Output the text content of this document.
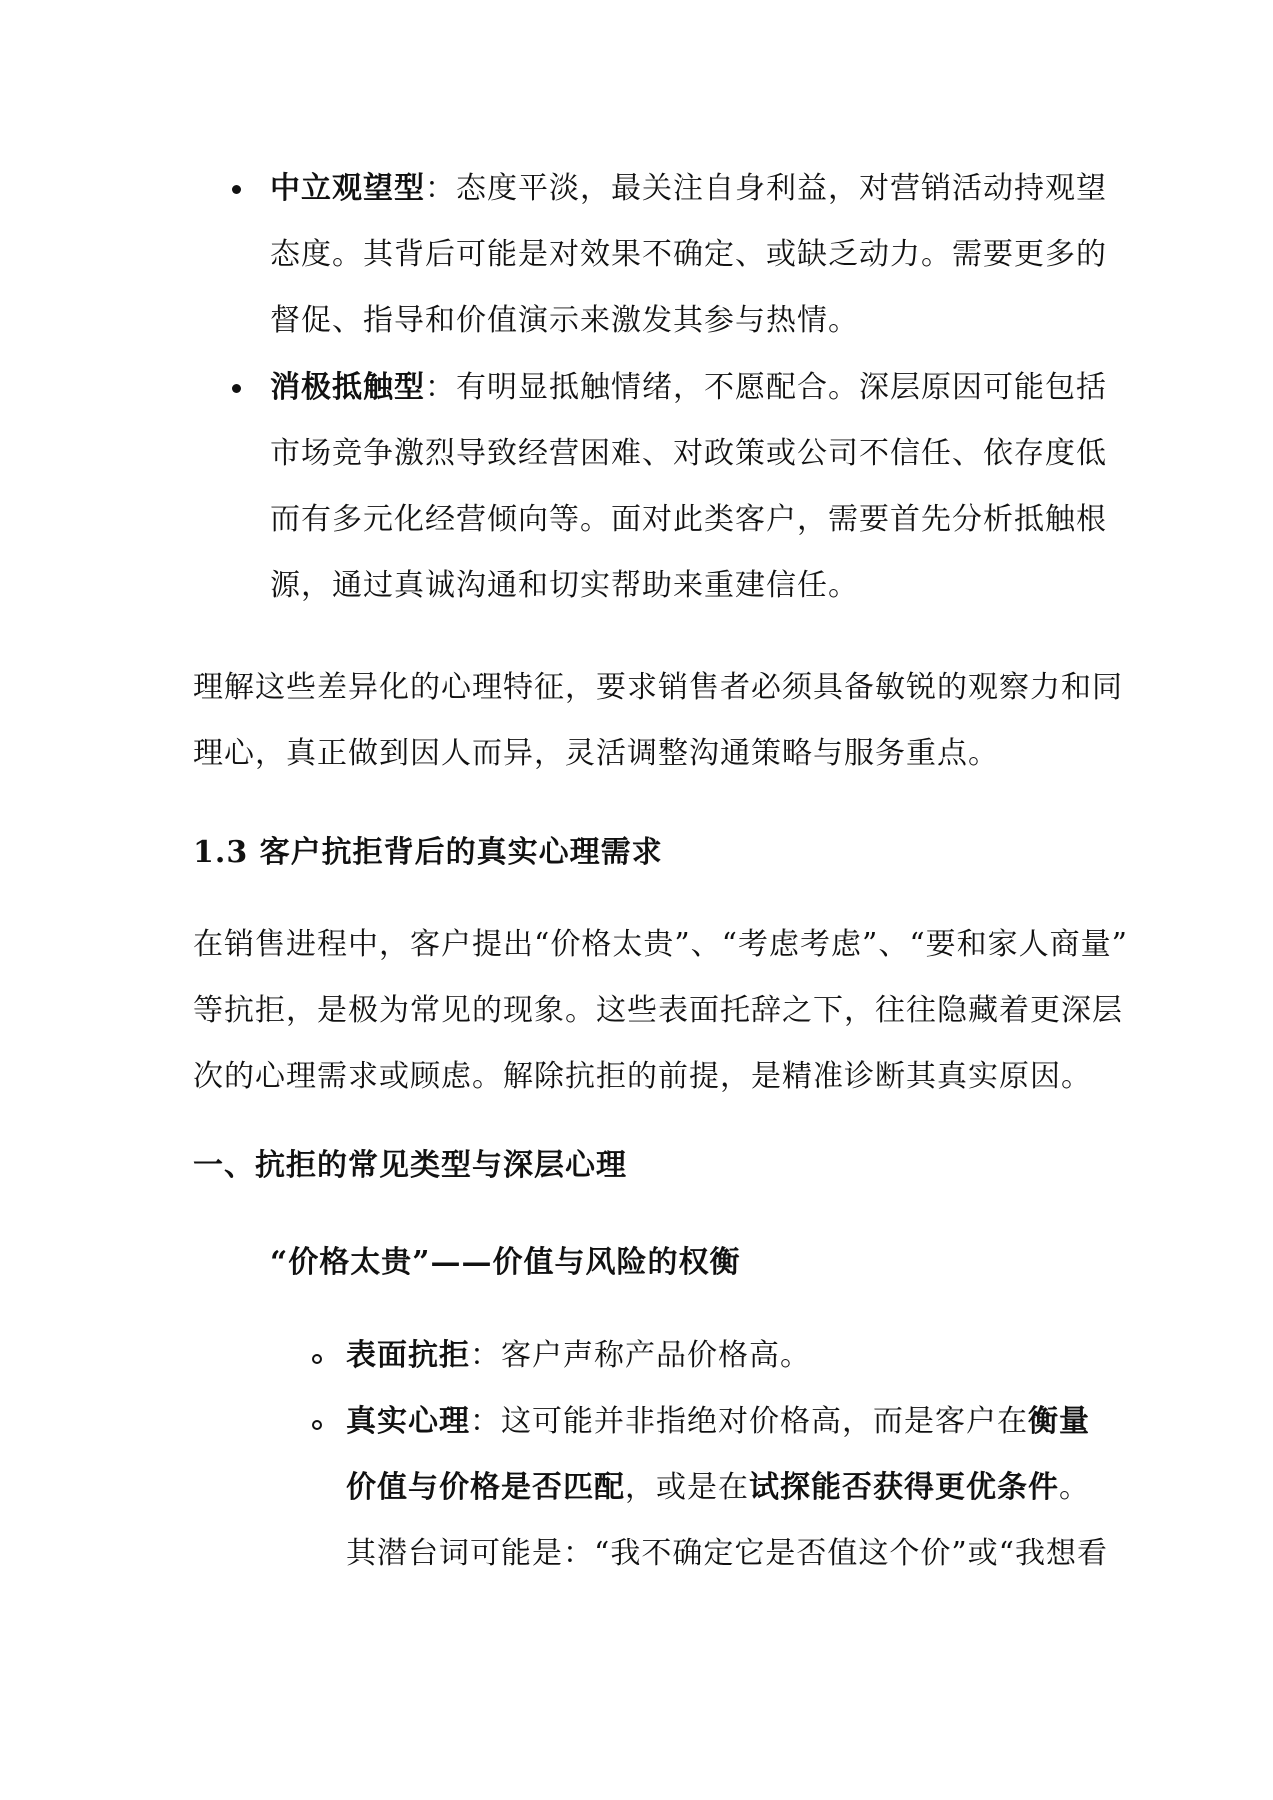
中立观望型：态度平淡，最关注自身利益，对营销活动持观望
态度。其背后可能是对效果不确定、或缺乏动力。需要更多的
督促、指导和价值演示来激发其参与热情。
消极抵触型：有明显抵触情绪，不愿配合。深层原因可能包括
市场竞争激烈导致经营困难、对政策或公司不信任、依存度低
而有多元化经营倾向等。面对此类客户，需要首先分析抵触根
源，通过真诚沟通和切实帮助来重建信任。
理解这些差异化的心理特征，要求销售者必须具备敏锐的观察力和同
理心，真正做到因人而异，灵活调整沟通策略与服务重点。
1.3 客户抗拒背后的真实心理需求
在销售进程中，客户提出“价格太贵”、“考虑考虑”、“要和家人商量”
等抗拒，是极为常见的现象。这些表面托辞之下，往往隐藏着更深层
次的心理需求或顾虑。解除抗拒的前提，是精准诊断其真实原因。
一、抗拒的常见类型与深层心理
“价格太贵”——价值与风险的权衡
表面抗拒：客户声称产品价格高。
真实心理：这可能并非指绝对价格高，而是客户在衡量
价值与价格是否匹配，或是在试探能否获得更优条件。
其潜台词可能是：“我不确定它是否值这个价”或“我想看
